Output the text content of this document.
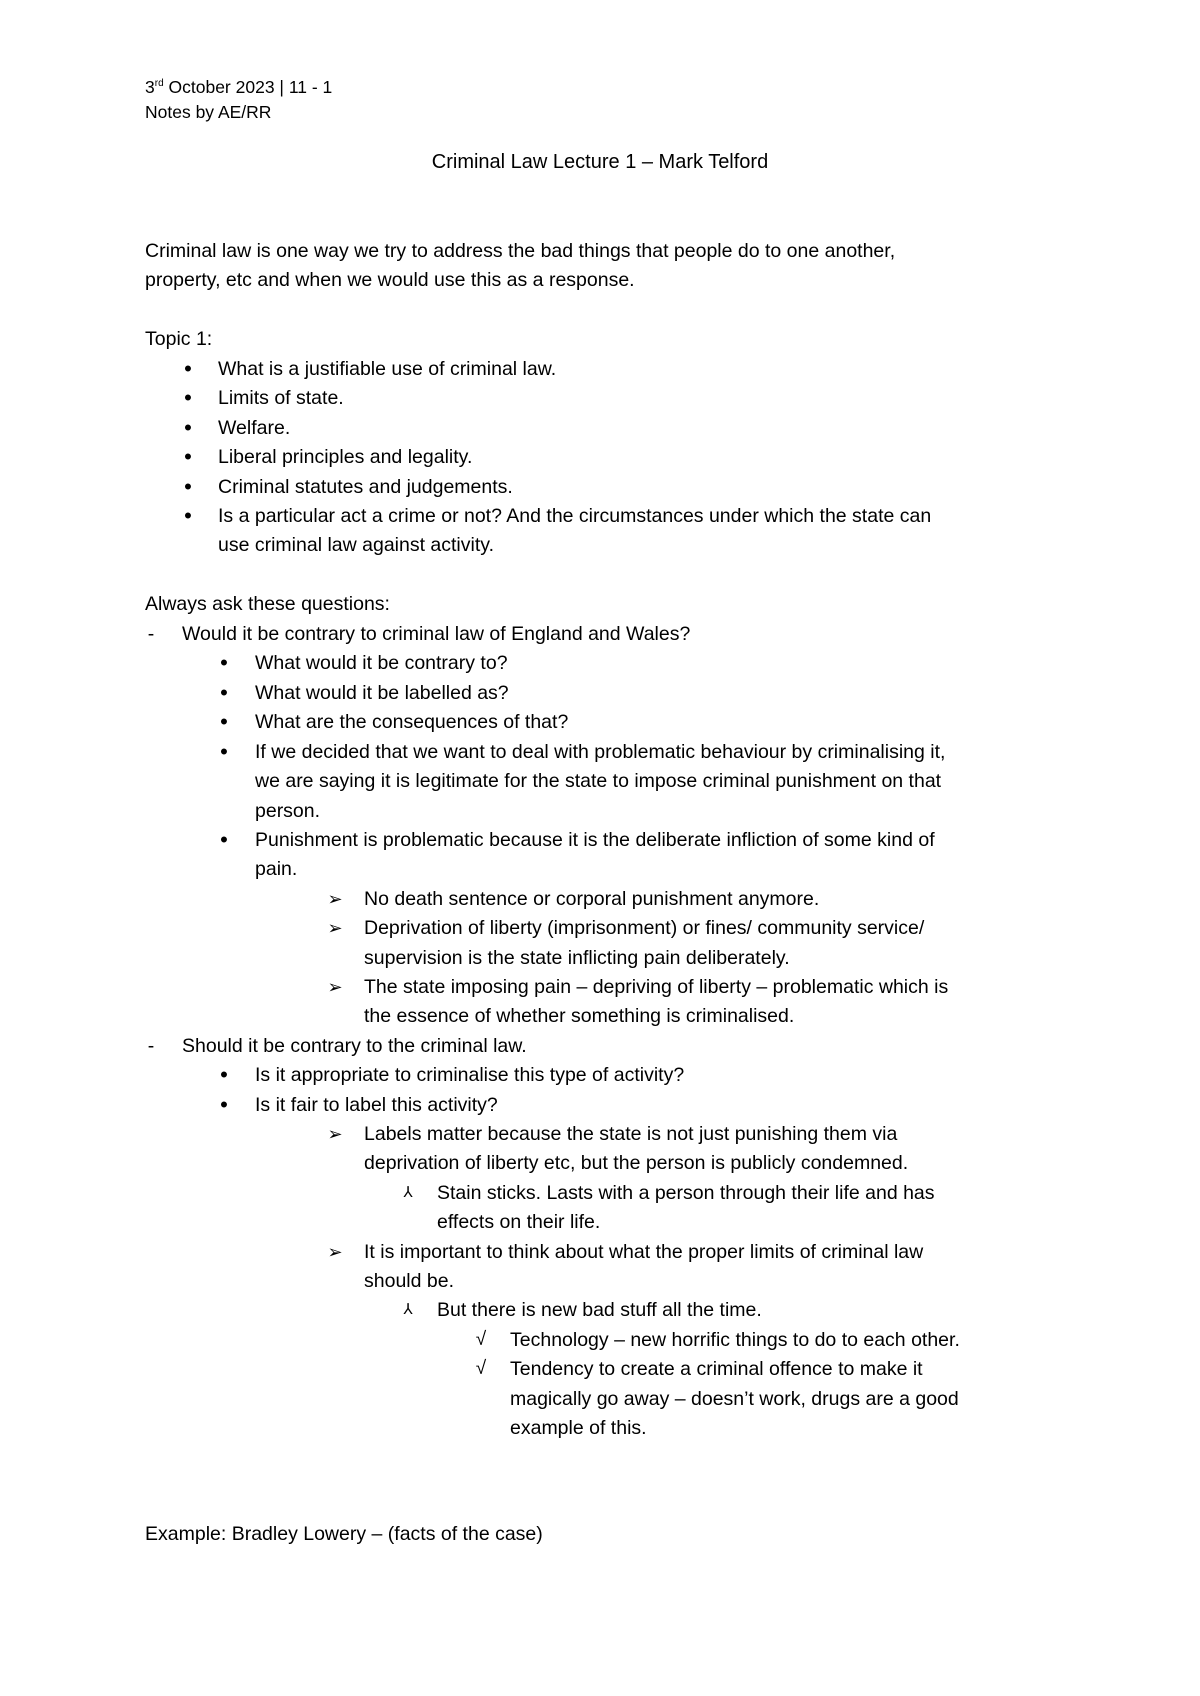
3rd October 2023 | 11 - 1
Notes by AE/RR
Criminal Law Lecture 1 – Mark Telford
Criminal law is one way we try to address the bad things that people do to one another,
property, etc and when we would use this as a response.
Topic 1:
• What is a justifiable use of criminal law.
• Limits of state.
• Welfare.
• Liberal principles and legality.
• Criminal statutes and judgements.
• Is a particular act a crime or not? And the circumstances under which the state can
use criminal law against activity.
Always ask these questions:
- Would it be contrary to criminal law of England and Wales?
• What would it be contrary to?
• What would it be labelled as?
• What are the consequences of that?
• If we decided that we want to deal with problematic behaviour by criminalising it,
we are saying it is legitimate for the state to impose criminal punishment on that
person.
• Punishment is problematic because it is the deliberate infliction of some kind of
pain.
➢ No death sentence or corporal punishment anymore.
➢ Deprivation of liberty (imprisonment) or fines/ community service/
supervision is the state inflicting pain deliberately.
➢ The state imposing pain – depriving of liberty – problematic which is
the essence of whether something is criminalised.
- Should it be contrary to the criminal law.
• Is it appropriate to criminalise this type of activity?
• Is it fair to label this activity?
➢ Labels matter because the state is not just punishing them via
deprivation of liberty etc, but the person is publicly condemned.
⅄ Stain sticks. Lasts with a person through their life and has
effects on their life.
➢ It is important to think about what the proper limits of criminal law
should be.
⅄ But there is new bad stuff all the time.
√ Technology – new horrific things to do to each other.
√ Tendency to create a criminal offence to make it
magically go away – doesn’t work, drugs are a good
example of this.
Example: Bradley Lowery – (facts of the case)
